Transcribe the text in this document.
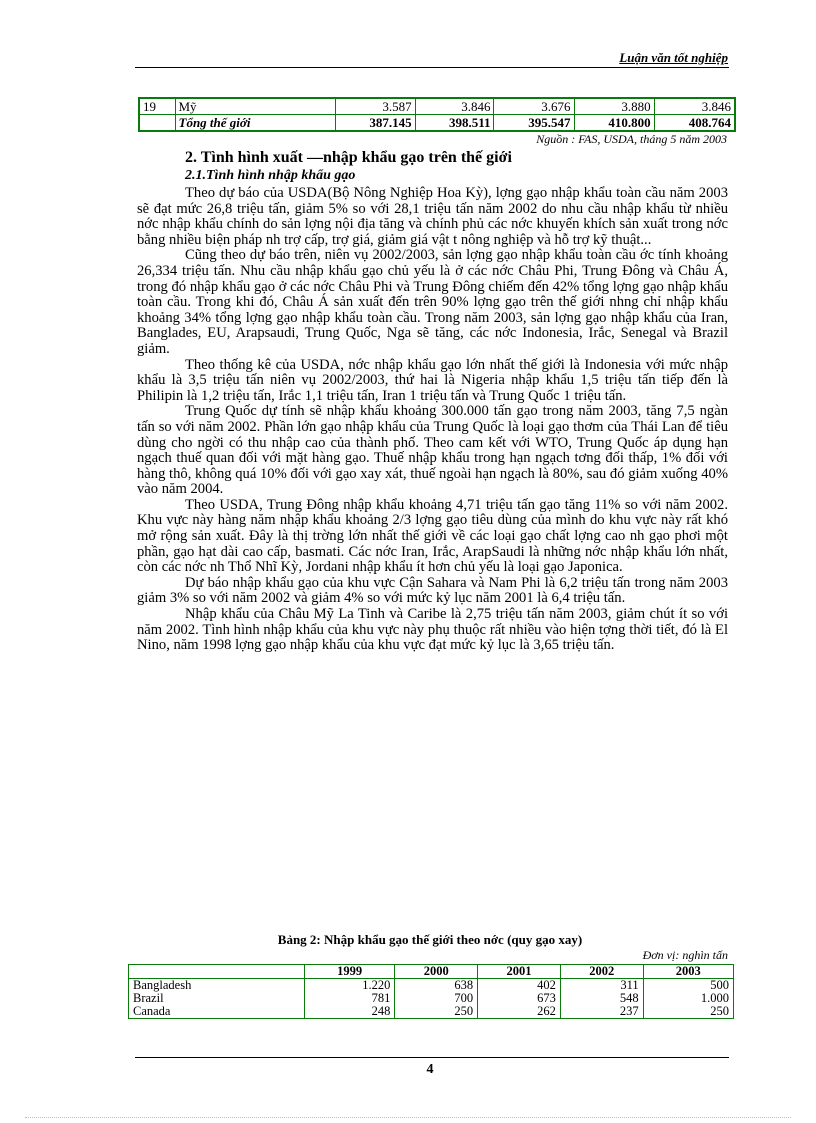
Luận văn tốt nghiệp
19	Mỹ	3.587	3.846	3.676	3.880	3.846
	Tổng thế giới	387.145	398.511	395.547	410.800	408.764
Nguồn : FAS, USDA, tháng 5 năm 2003
2. Tình hình xuất —nhập khẩu gạo trên thế giới
2.1.Tình hình nhập khẩu gạo

Theo dự báo của USDA(Bộ Nông Nghiệp Hoa Kỳ), lợng gạo nhập khẩu toàn cầu năm 2003 sẽ đạt mức 26,8 triệu tấn, giảm 5% so với 28,1 triệu tấn năm 2002 do nhu cầu nhập khẩu từ nhiều nớc nhập khẩu chính do sản lợng nội địa tăng và chính phủ các nớc khuyến khích sản xuất trong nớc bằng nhiều biện pháp nh trợ cấp, trợ giá, giảm giá vật t nông nghiệp và hỗ trợ kỹ thuật...

Cũng theo dự báo trên, niên vụ 2002/2003, sản lợng gạo nhập khẩu toàn cầu ớc tính khoảng 26,334 triệu tấn. Nhu cầu nhập khẩu gạo chủ yếu là ở các nớc Châu Phi, Trung Đông và Châu Á, trong đó nhập khẩu gạo ở các nớc Châu Phi và Trung Đông chiếm đến 42% tổng lợng gạo nhập khẩu toàn cầu. Trong khi đó, Châu Á sản xuất đến trên 90% lợng gạo trên thế giới nhng chỉ nhập khẩu khoảng 34% tổng lợng gạo nhập khẩu toàn cầu. Trong năm 2003, sản lợng gạo nhập khẩu của Iran, Banglades, EU, Arapsaudi, Trung Quốc, Nga sẽ tăng, các nớc Indonesia, Irắc, Senegal và Brazil giảm.

Theo thống kê của USDA, nớc nhập khẩu gạo lớn nhất thế giới là Indonesia với mức nhập khẩu là 3,5 triệu tấn niên vụ 2002/2003, thứ hai là Nigeria nhập khẩu 1,5 triệu tấn tiếp đến là Philipin là 1,2 triệu tấn, Irắc 1,1 triệu tấn, Iran 1 triệu tấn và Trung Quốc 1 triệu tấn.

Trung Quốc dự tính sẽ nhập khẩu khoảng 300.000 tấn gạo trong năm 2003, tăng 7,5 ngàn tấn so với năm 2002. Phần lớn gạo nhập khẩu của Trung Quốc là loại gạo thơm của Thái Lan để tiêu dùng cho ngời có thu nhập cao của thành phố. Theo cam kết với WTO, Trung Quốc áp dụng hạn ngạch thuế quan đối với mặt hàng gạo. Thuế nhập khẩu trong hạn ngạch tơng đối thấp, 1% đối với hàng thô, không quá 10% đối với gạo xay xát, thuế ngoài hạn ngạch là 80%, sau đó giảm xuống 40% vào năm 2004.

Theo USDA, Trung Đông nhập khẩu khoảng 4,71 triệu tấn gạo tăng 11% so với năm 2002. Khu vực này hàng năm nhập khẩu khoảng 2/3 lợng gạo tiêu dùng của mình do khu vực này rất khó mở rộng sản xuất. Đây là thị trờng lớn nhất thế giới về các loại gạo chất lợng cao nh gạo phơi một phần, gạo hạt dài cao cấp, basmati. Các nớc Iran, Irắc, ArapSaudi là những nớc nhập khẩu lớn nhất, còn các nớc nh Thổ Nhĩ Kỳ, Jordani nhập khẩu ít hơn chủ yếu là loại gạo Japonica.

Dự báo nhập khẩu gạo của khu vực Cận Sahara và Nam Phi là 6,2 triệu tấn trong năm 2003 giảm 3% so với năm 2002 và giảm 4% so với mức kỷ lục năm 2001 là 6,4 triệu tấn.

Nhập khẩu của Châu Mỹ La Tinh và Caribe là 2,75 triệu tấn năm 2003, giảm chút ít so với năm 2002. Tình hình nhập khẩu của khu vực này phụ thuộc rất nhiều vào hiện tợng thời tiết, đó là El Nino, năm 1998 lợng gạo nhập khẩu của khu vực đạt mức kỷ lục là 3,65 triệu tấn.

Bảng 2: Nhập khẩu gạo thế giới theo nớc (quy gạo xay)
Đơn vị: nghìn tấn
	1999	2000	2001	2002	2003
Bangladesh	1.220	638	402	311	500
Brazil	781	700	673	548	1.000
Canada	248	250	262	237	250
4
